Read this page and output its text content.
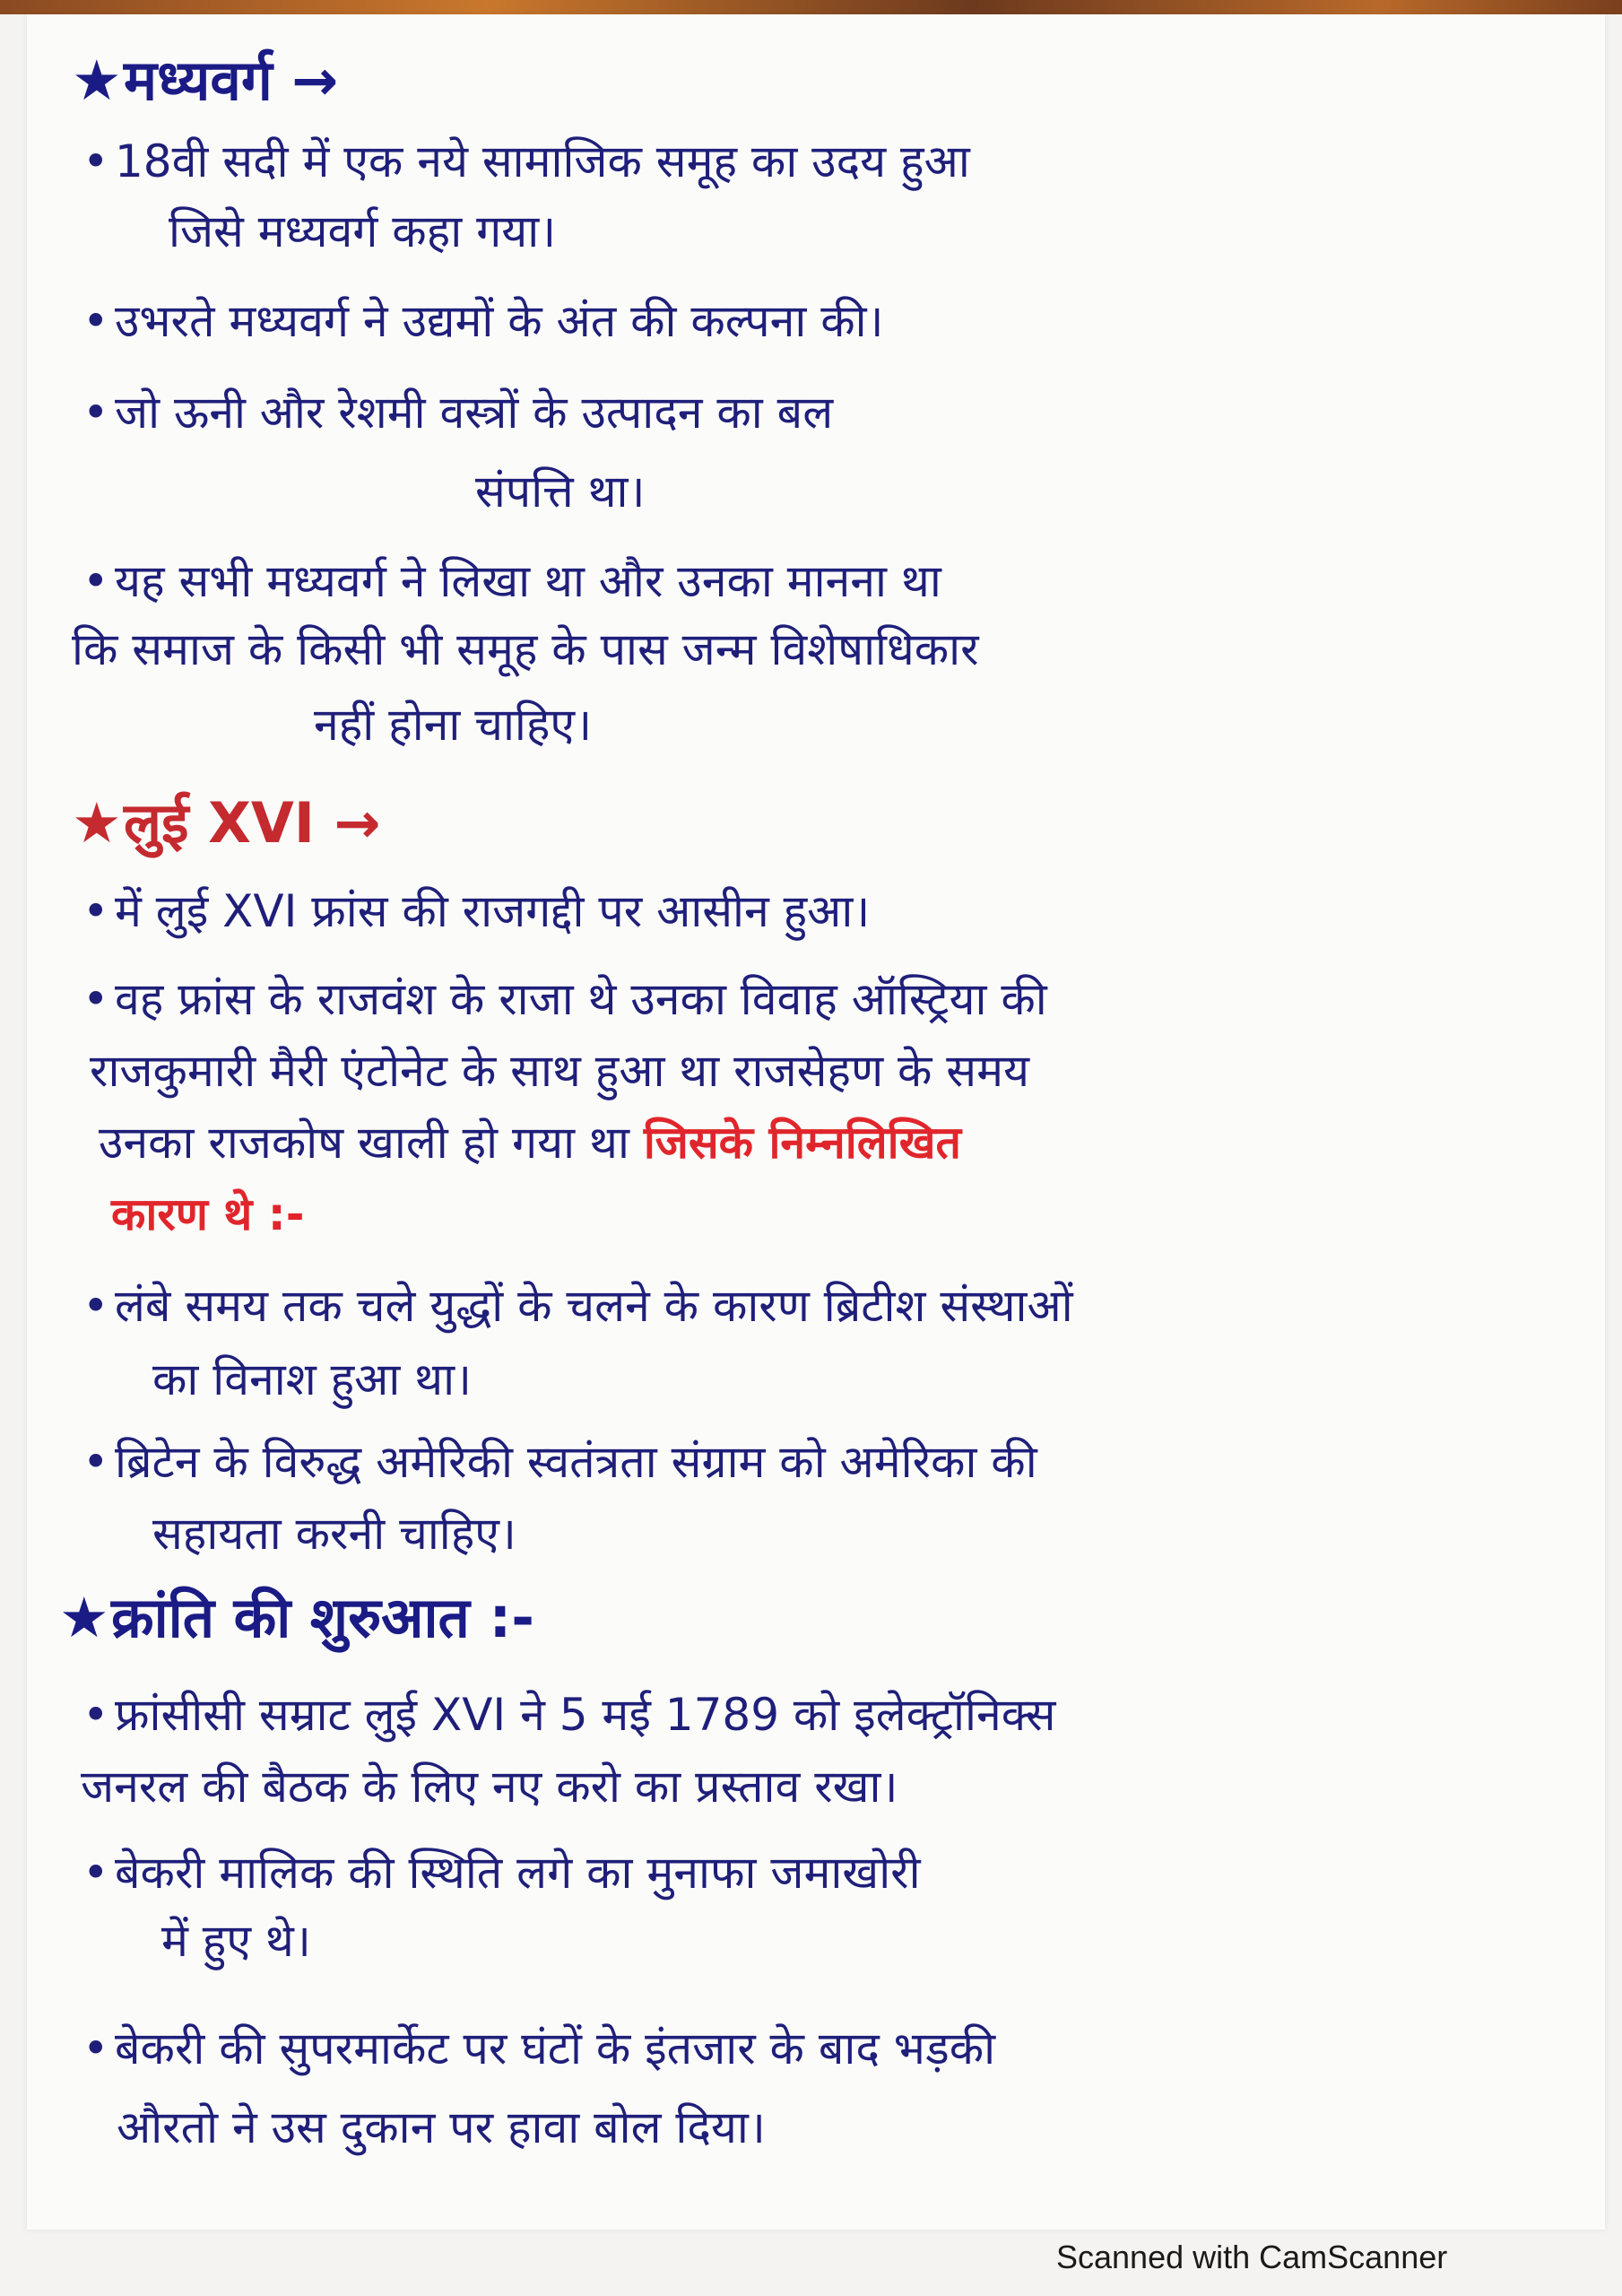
★मध्यवर्ग →
• 18वी सदी में एक नये सामाजिक समूह का उदय हुआ
जिसे मध्यवर्ग कहा गया।
• उभरते मध्यवर्ग ने उद्यमों के अंत की कल्पना की।
• जो ऊनी और रेशमी वस्त्रों के उत्पादन का बल
संपत्ति था।
• यह सभी मध्यवर्ग ने लिखा था और उनका मानना था
कि समाज के किसी भी समूह के पास जन्म विशेषाधिकार
नहीं होना चाहिए।
★लुई XVI →
• में लुई XVI फ्रांस की राजगद्दी पर आसीन हुआ।
• वह फ्रांस के राजवंश के राजा थे उनका विवाह ऑस्ट्रिया की
राजकुमारी मैरी एंटोनेट के साथ हुआ था राजसेहण के समय
उनका राजकोष खाली हो गया था जिसके निम्नलिखित
कारण थे :-
• लंबे समय तक चले युद्धों के चलने के कारण ब्रिटीश संस्थाओं
का विनाश हुआ था।
• ब्रिटेन के विरुद्ध अमेरिकी स्वतंत्रता संग्राम को अमेरिका की
सहायता करनी चाहिए।
★क्रांति की शुरुआत :-
• फ्रांसीसी सम्राट लुई XVI ने 5 मई 1789 को इलेक्ट्रॉनिक्स
जनरल की बैठक के लिए नए करो का प्रस्ताव रखा।
• बेकरी मालिक की स्थिति लगे का मुनाफा जमाखोरी
में हुए थे।
• बेकरी की सुपरमार्केट पर घंटों के इंतजार के बाद भड़की
औरतो ने उस दुकान पर हावा बोल दिया।
Scanned with CamScanner
